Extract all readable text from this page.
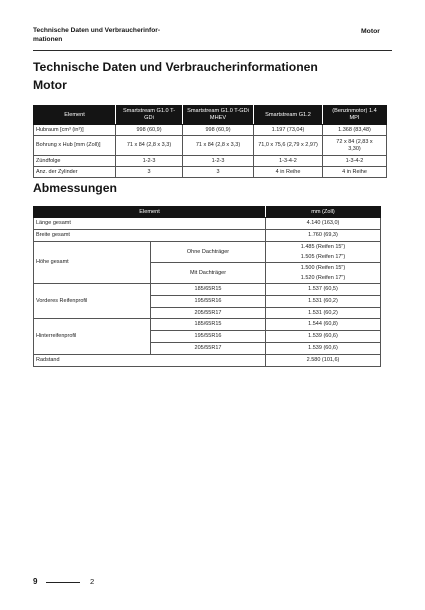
Technische Daten und Verbraucherinfor-
mationen
Motor
Technische Daten und Verbraucherinformationen
Motor
Element	Smartstream G1.0 T-GDi	Smartstream G1.0 T-GDi MHEV	Smartstream G1.2	(Benzinmotor) 1.4 MPI
Hubraum [cm³ (in³)]	998 (60,9)	998 (60,9)	1.197 (73,04)	1.368 (83,48)
Bohrung x Hub [mm (Zoll)]	71 x 84 (2,8 x 3,3)	71 x 84 (2,8 x 3,3)	71,0 x 75,6 (2,79 x 2,97)	72 x 84 (2,83 x 3,30)
Zündfolge	1-2-3	1-2-3	1-3-4-2	1-3-4-2
Anz. der Zylinder	3	3	4 in Reihe	4 in Reihe
Abmessungen
Element		mm (Zoll)
Länge gesamt		4.140 (163,0)
Breite gesamt		1.760 (69,3)
Höhe gesamt	Ohne Dachträger	1.485 (Reifen 15")
1.505 (Reifen 17")

	Mit Dachträger	1.500 (Reifen 15")
1.520 (Reifen 17")

Vorderes Reifenprofil	185/65R15	1.537 (60,5)
	195/55R16	1.531 (60,2)
	205/55R17	1.531 (60,2)
Hinterreifenprofil	185/65R15	1.544 (60,8)
	195/55R16	1.539 (60,6)
	205/55R17	1.539 (60,6)
Radstand		2.580 (101,6)
9	2
